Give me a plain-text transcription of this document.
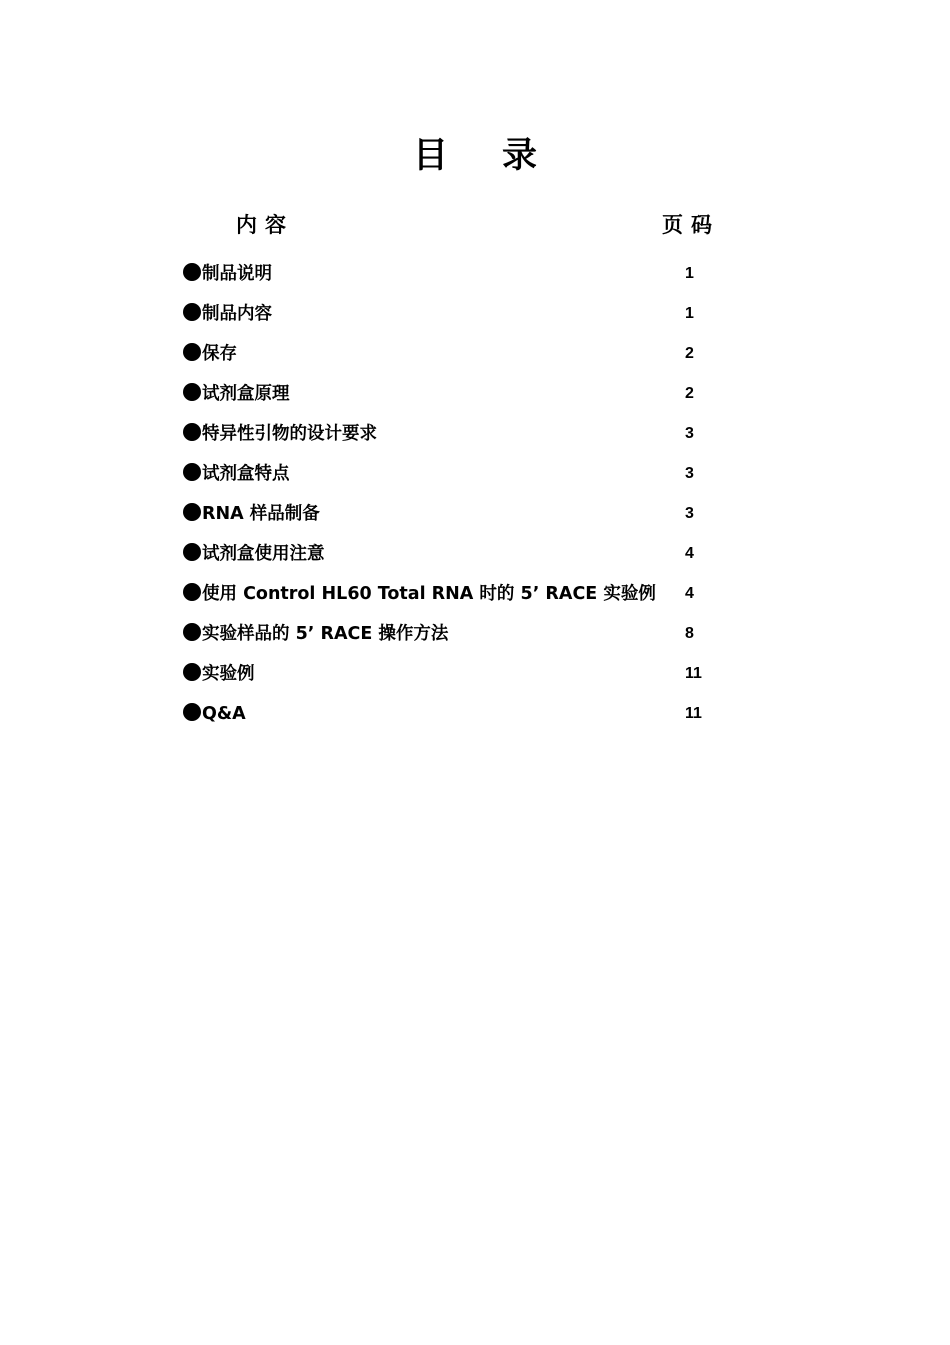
目录
内容	页码
制品说明	1
制品内容	1
保存	2
试剂盒原理	2
特异性引物的设计要求	3
试剂盒特点	3
RNA 样品制备	3
试剂盒使用注意	4
使用 Control HL60 Total RNA 时的 5’ RACE 实验例 4
实验样品的 5’ RACE 操作方法	8
实验例	11
Q&A	11
